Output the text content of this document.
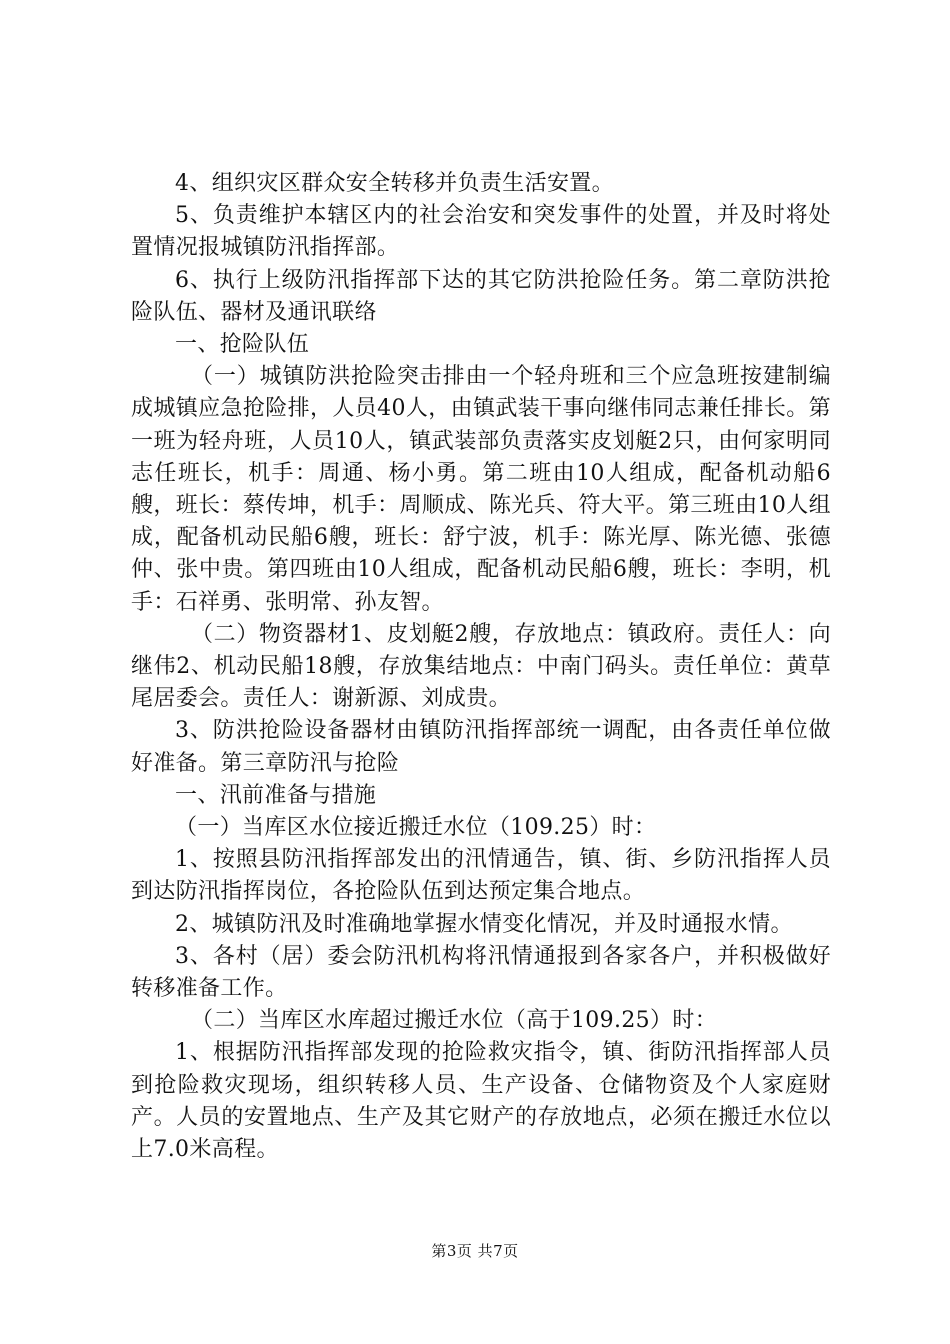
4、组织灾区群众安全转移并负责生活安置。

5、负责维护本辖区内的社会治安和突发事件的处置，并及时将处置情况报城镇防汛指挥部。

6、执行上级防汛指挥部下达的其它防洪抢险任务。第二章防洪抢险队伍、器材及通讯联络

一、抢险队伍

（一）城镇防洪抢险突击排由一个轻舟班和三个应急班按建制编成城镇应急抢险排，人员40人，由镇武装干事向继伟同志兼任排长。第一班为轻舟班，人员10人，镇武装部负责落实皮划艇2只，由何家明同志任班长，机手：周通、杨小勇。第二班由10人组成，配备机动船6艘，班长：蔡传坤，机手：周顺成、陈光兵、符大平。第三班由10人组成，配备机动民船6艘，班长：舒宁波，机手：陈光厚、陈光德、张德仲、张中贵。第四班由10人组成，配备机动民船6艘，班长：李明，机手：石祥勇、张明常、孙友智。

（二）物资器材1、皮划艇2艘，存放地点：镇政府。责任人：向继伟2、机动民船18艘，存放集结地点：中南门码头。责任单位：黄草尾居委会。责任人：谢新源、刘成贵。

3、防洪抢险设备器材由镇防汛指挥部统一调配，由各责任单位做好准备。第三章防汛与抢险

一、汛前准备与措施

（一）当库区水位接近搬迁水位（109.25）时：

1、按照县防汛指挥部发出的汛情通告，镇、街、乡防汛指挥人员到达防汛指挥岗位，各抢险队伍到达预定集合地点。

2、城镇防汛及时准确地掌握水情变化情况，并及时通报水情。

3、各村（居）委会防汛机构将汛情通报到各家各户，并积极做好转移准备工作。

（二）当库区水库超过搬迁水位（高于109.25）时：

1、根据防汛指挥部发现的抢险救灾指令，镇、街防汛指挥部人员到抢险救灾现场，组织转移人员、生产设备、仓储物资及个人家庭财产。人员的安置地点、生产及其它财产的存放地点，必须在搬迁水位以上7.0米高程。

第3页 共7页
